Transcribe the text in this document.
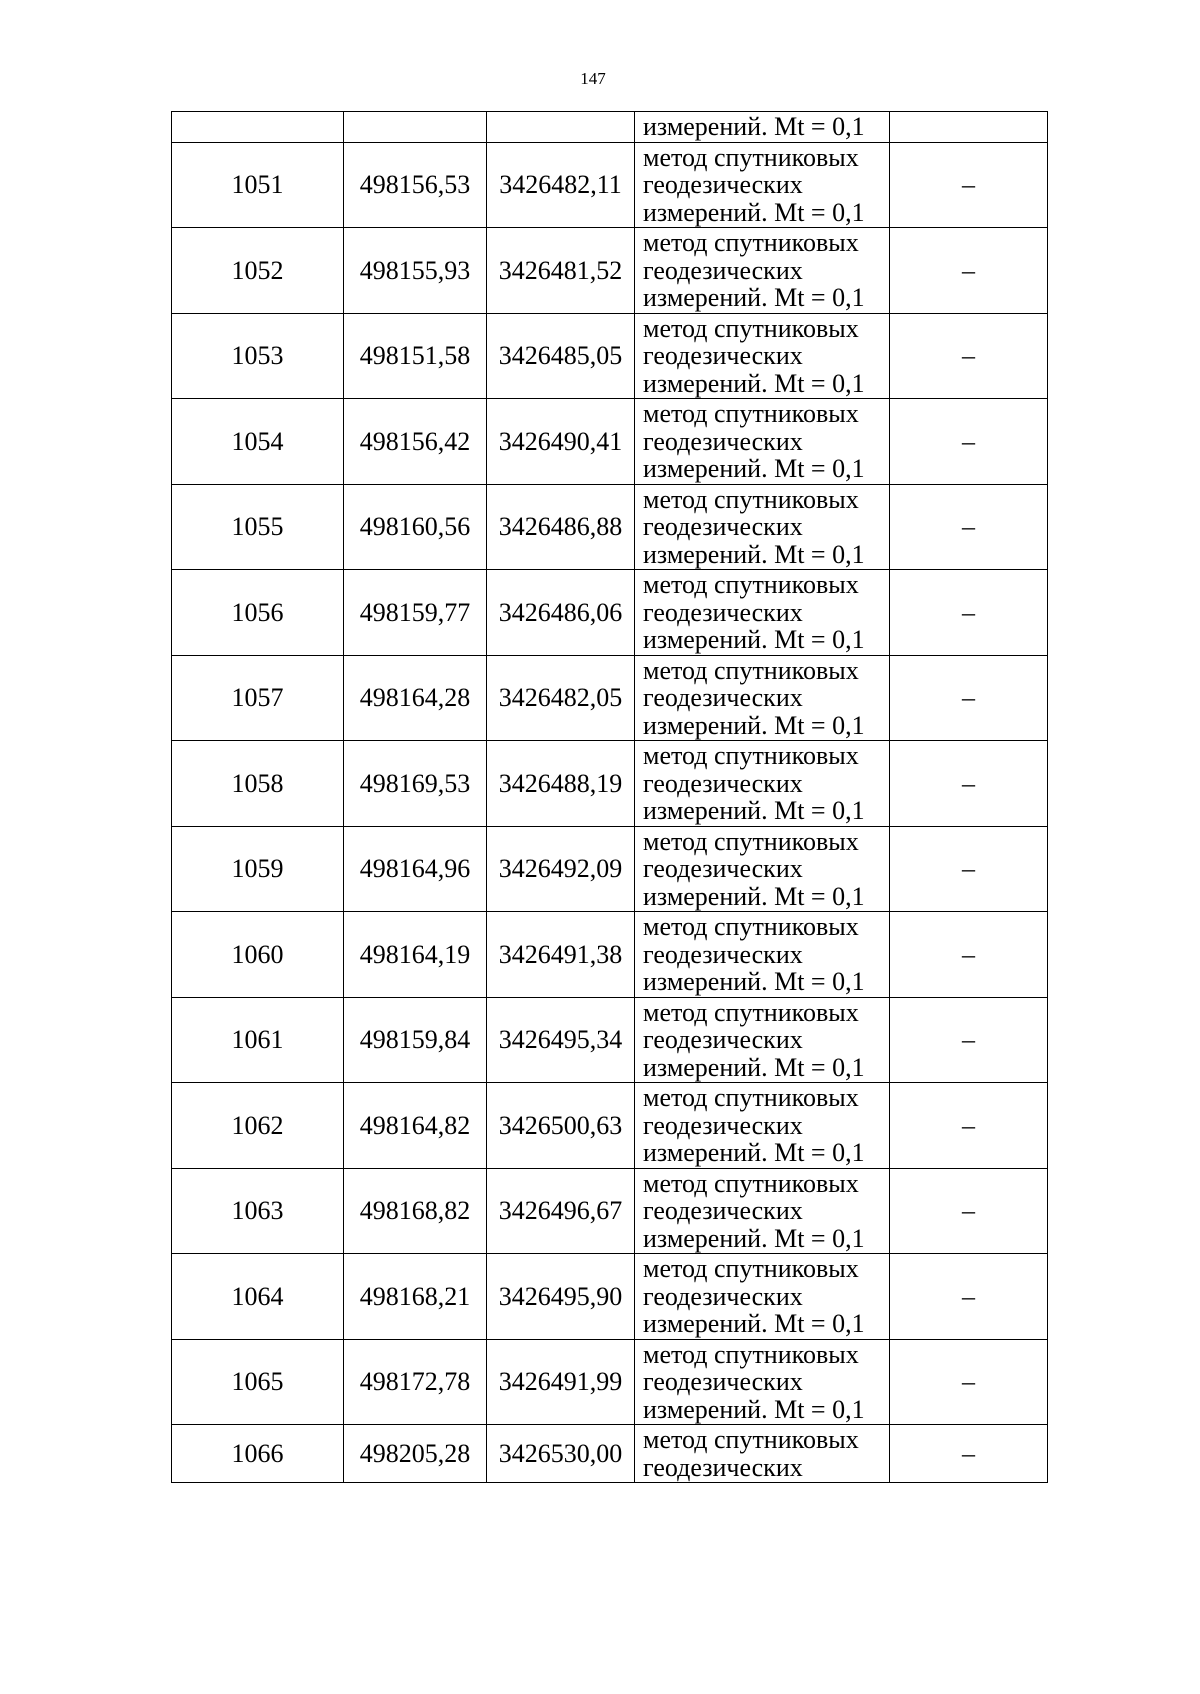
147

			измерений. Mt = 0,1	

1051	498156,53	3426482,11	метод спутниковых
геодезических
измерений. Mt = 0,1	–
1052	498155,93	3426481,52	метод спутниковых
геодезических
измерений. Mt = 0,1	–
1053	498151,58	3426485,05	метод спутниковых
геодезических
измерений. Mt = 0,1	–
1054	498156,42	3426490,41	метод спутниковых
геодезических
измерений. Mt = 0,1	–
1055	498160,56	3426486,88	метод спутниковых
геодезических
измерений. Mt = 0,1	–
1056	498159,77	3426486,06	метод спутниковых
геодезических
измерений. Mt = 0,1	–
1057	498164,28	3426482,05	метод спутниковых
геодезических
измерений. Mt = 0,1	–
1058	498169,53	3426488,19	метод спутниковых
геодезических
измерений. Mt = 0,1	–
1059	498164,96	3426492,09	метод спутниковых
геодезических
измерений. Mt = 0,1	–
1060	498164,19	3426491,38	метод спутниковых
геодезических
измерений. Mt = 0,1	–
1061	498159,84	3426495,34	метод спутниковых
геодезических
измерений. Mt = 0,1	–
1062	498164,82	3426500,63	метод спутниковых
геодезических
измерений. Mt = 0,1	–
1063	498168,82	3426496,67	метод спутниковых
геодезических
измерений. Mt = 0,1	–
1064	498168,21	3426495,90	метод спутниковых
геодезических
измерений. Mt = 0,1	–
1065	498172,78	3426491,99	метод спутниковых
геодезических
измерений. Mt = 0,1	–
1066	498205,28	3426530,00	метод спутниковых
геодезических	–
